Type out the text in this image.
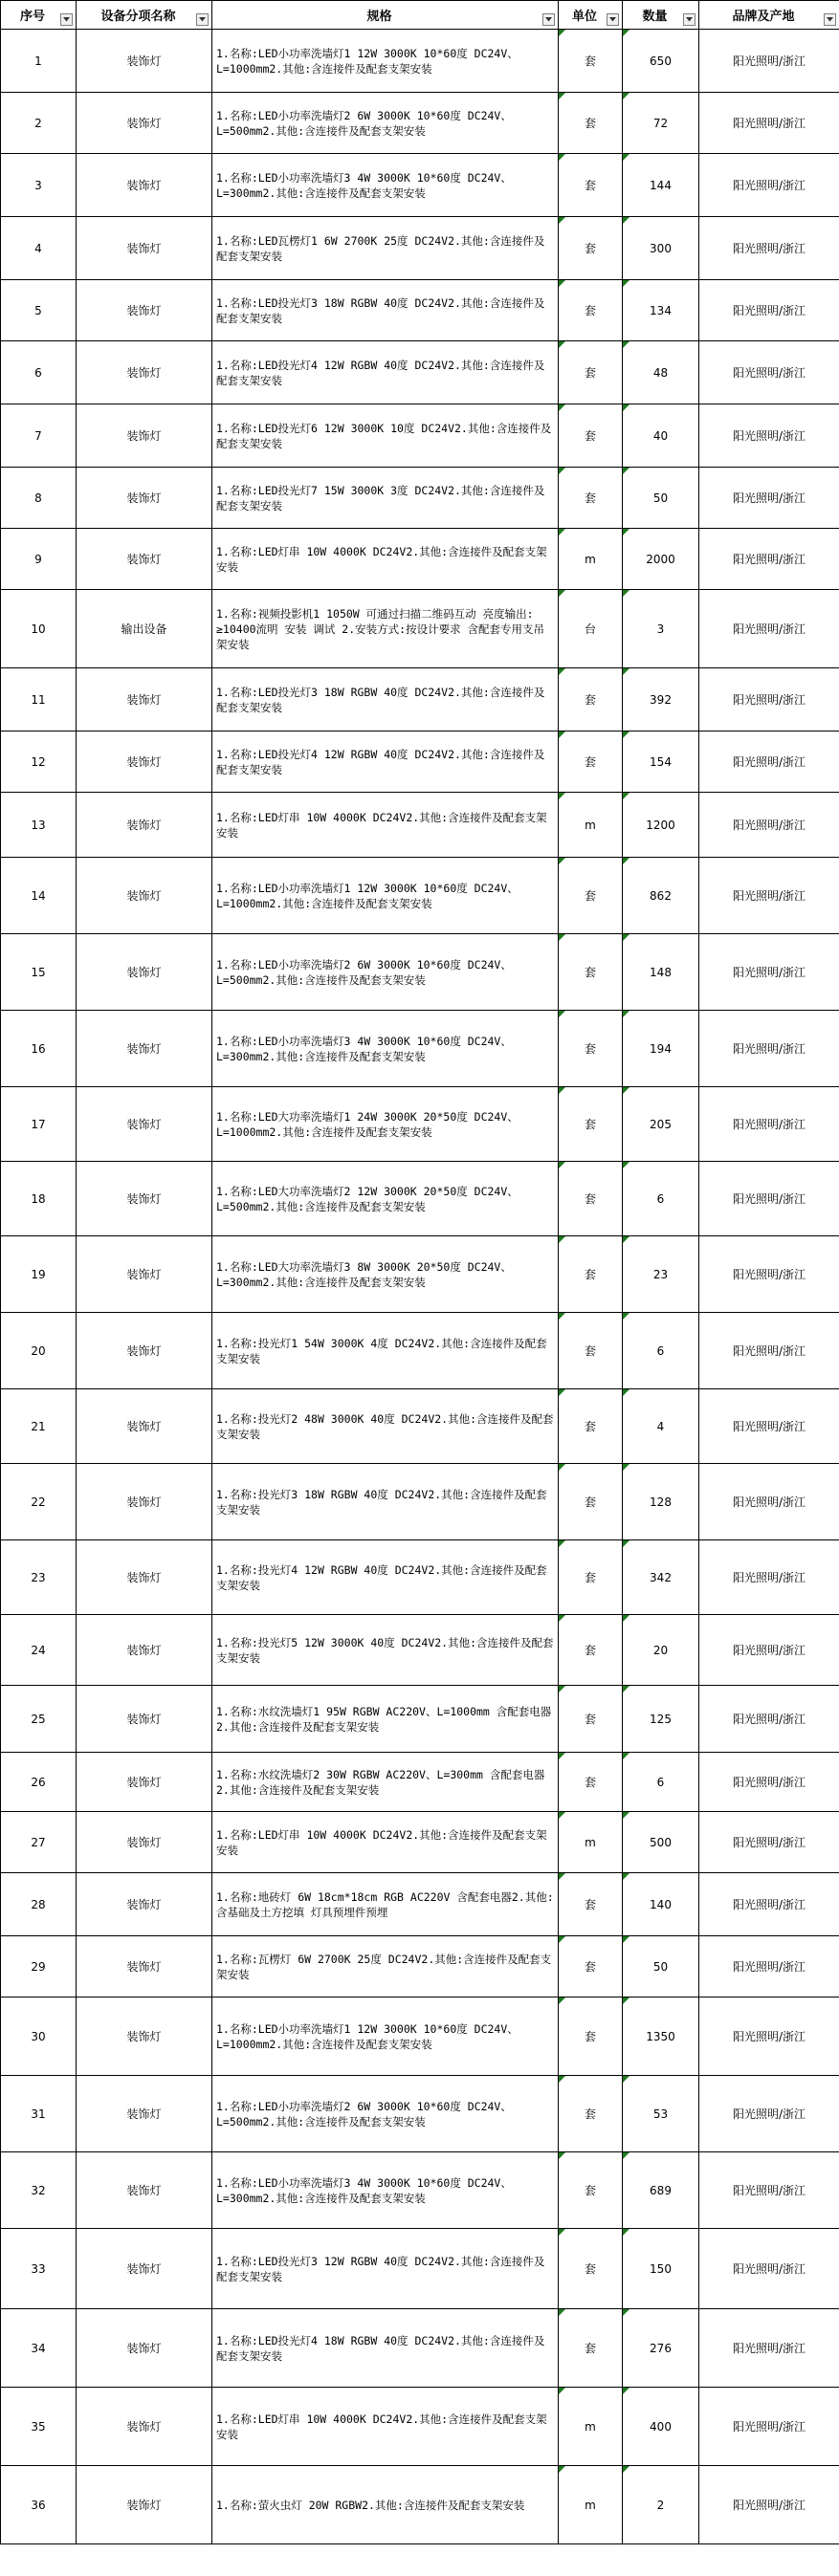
序号	设备分项名称	规格	单位	数量	品牌及产地

1	装饰灯	1.名称:LED小功率洗墙灯1 12W 3000K 10*60度 DC24V、L=1000mm2.其他:含连接件及配套支架安装	套	650	阳光照明/浙江
2	装饰灯	1.名称:LED小功率洗墙灯2 6W 3000K 10*60度 DC24V、L=500mm2.其他:含连接件及配套支架安装	套	72	阳光照明/浙江
3	装饰灯	1.名称:LED小功率洗墙灯3 4W 3000K 10*60度 DC24V、L=300mm2.其他:含连接件及配套支架安装	套	144	阳光照明/浙江
4	装饰灯	1.名称:LED瓦楞灯1 6W 2700K 25度 DC24V2.其他:含连接件及配套支架安装	套	300	阳光照明/浙江
5	装饰灯	1.名称:LED投光灯3 18W RGBW 40度 DC24V2.其他:含连接件及配套支架安装	套	134	阳光照明/浙江
6	装饰灯	1.名称:LED投光灯4 12W RGBW 40度 DC24V2.其他:含连接件及配套支架安装	套	48	阳光照明/浙江
7	装饰灯	1.名称:LED投光灯6 12W 3000K 10度 DC24V2.其他:含连接件及配套支架安装	套	40	阳光照明/浙江
8	装饰灯	1.名称:LED投光灯7 15W 3000K 3度 DC24V2.其他:含连接件及配套支架安装	套	50	阳光照明/浙江
9	装饰灯	1.名称:LED灯串 10W 4000K DC24V2.其他:含连接件及配套支架安装	m	2000	阳光照明/浙江
10	输出设备	1.名称:视频投影机1 1050W 可通过扫描二维码互动 亮度输出: ≥10400流明 安装 调试 2.安装方式:按设计要求 含配套专用支吊架安装	台	3	阳光照明/浙江
11	装饰灯	1.名称:LED投光灯3 18W RGBW 40度 DC24V2.其他:含连接件及配套支架安装	套	392	阳光照明/浙江
12	装饰灯	1.名称:LED投光灯4 12W RGBW 40度 DC24V2.其他:含连接件及配套支架安装	套	154	阳光照明/浙江
13	装饰灯	1.名称:LED灯串 10W 4000K DC24V2.其他:含连接件及配套支架安装	m	1200	阳光照明/浙江
14	装饰灯	1.名称:LED小功率洗墙灯1 12W 3000K 10*60度 DC24V、L=1000mm2.其他:含连接件及配套支架安装	套	862	阳光照明/浙江
15	装饰灯	1.名称:LED小功率洗墙灯2 6W 3000K 10*60度 DC24V、L=500mm2.其他:含连接件及配套支架安装	套	148	阳光照明/浙江
16	装饰灯	1.名称:LED小功率洗墙灯3 4W 3000K 10*60度 DC24V、L=300mm2.其他:含连接件及配套支架安装	套	194	阳光照明/浙江
17	装饰灯	1.名称:LED大功率洗墙灯1 24W 3000K 20*50度 DC24V、L=1000mm2.其他:含连接件及配套支架安装	套	205	阳光照明/浙江
18	装饰灯	1.名称:LED大功率洗墙灯2 12W 3000K 20*50度 DC24V、L=500mm2.其他:含连接件及配套支架安装	套	6	阳光照明/浙江
19	装饰灯	1.名称:LED大功率洗墙灯3 8W 3000K 20*50度 DC24V、L=300mm2.其他:含连接件及配套支架安装	套	23	阳光照明/浙江
20	装饰灯	1.名称:投光灯1 54W 3000K 4度 DC24V2.其他:含连接件及配套支架安装	套	6	阳光照明/浙江
21	装饰灯	1.名称:投光灯2 48W 3000K 40度 DC24V2.其他:含连接件及配套支架安装	套	4	阳光照明/浙江
22	装饰灯	1.名称:投光灯3 18W RGBW 40度 DC24V2.其他:含连接件及配套支架安装	套	128	阳光照明/浙江
23	装饰灯	1.名称:投光灯4 12W RGBW 40度 DC24V2.其他:含连接件及配套支架安装	套	342	阳光照明/浙江
24	装饰灯	1.名称:投光灯5 12W 3000K 40度 DC24V2.其他:含连接件及配套支架安装	套	20	阳光照明/浙江
25	装饰灯	1.名称:水纹洗墙灯1 95W RGBW AC220V、L=1000mm 含配套电器2.其他:含连接件及配套支架安装	套	125	阳光照明/浙江
26	装饰灯	1.名称:水纹洗墙灯2 30W RGBW AC220V、L=300mm 含配套电器2.其他:含连接件及配套支架安装	套	6	阳光照明/浙江
27	装饰灯	1.名称:LED灯串 10W 4000K DC24V2.其他:含连接件及配套支架安装	m	500	阳光照明/浙江
28	装饰灯	1.名称:地砖灯 6W 18cm*18cm RGB AC220V 含配套电器2.其他:含基础及土方挖填 灯具预埋件预埋	套	140	阳光照明/浙江
29	装饰灯	1.名称:瓦楞灯 6W 2700K 25度 DC24V2.其他:含连接件及配套支架安装	套	50	阳光照明/浙江
30	装饰灯	1.名称:LED小功率洗墙灯1 12W 3000K 10*60度 DC24V、L=1000mm2.其他:含连接件及配套支架安装	套	1350	阳光照明/浙江
31	装饰灯	1.名称:LED小功率洗墙灯2 6W 3000K 10*60度 DC24V、L=500mm2.其他:含连接件及配套支架安装	套	53	阳光照明/浙江
32	装饰灯	1.名称:LED小功率洗墙灯3 4W 3000K 10*60度 DC24V、L=300mm2.其他:含连接件及配套支架安装	套	689	阳光照明/浙江
33	装饰灯	1.名称:LED投光灯3 12W RGBW 40度 DC24V2.其他:含连接件及配套支架安装	套	150	阳光照明/浙江
34	装饰灯	1.名称:LED投光灯4 18W RGBW 40度 DC24V2.其他:含连接件及配套支架安装	套	276	阳光照明/浙江
35	装饰灯	1.名称:LED灯串 10W 4000K DC24V2.其他:含连接件及配套支架安装	m	400	阳光照明/浙江
36	装饰灯	1.名称:萤火虫灯 20W RGBW2.其他:含连接件及配套支架安装	m	2	阳光照明/浙江
